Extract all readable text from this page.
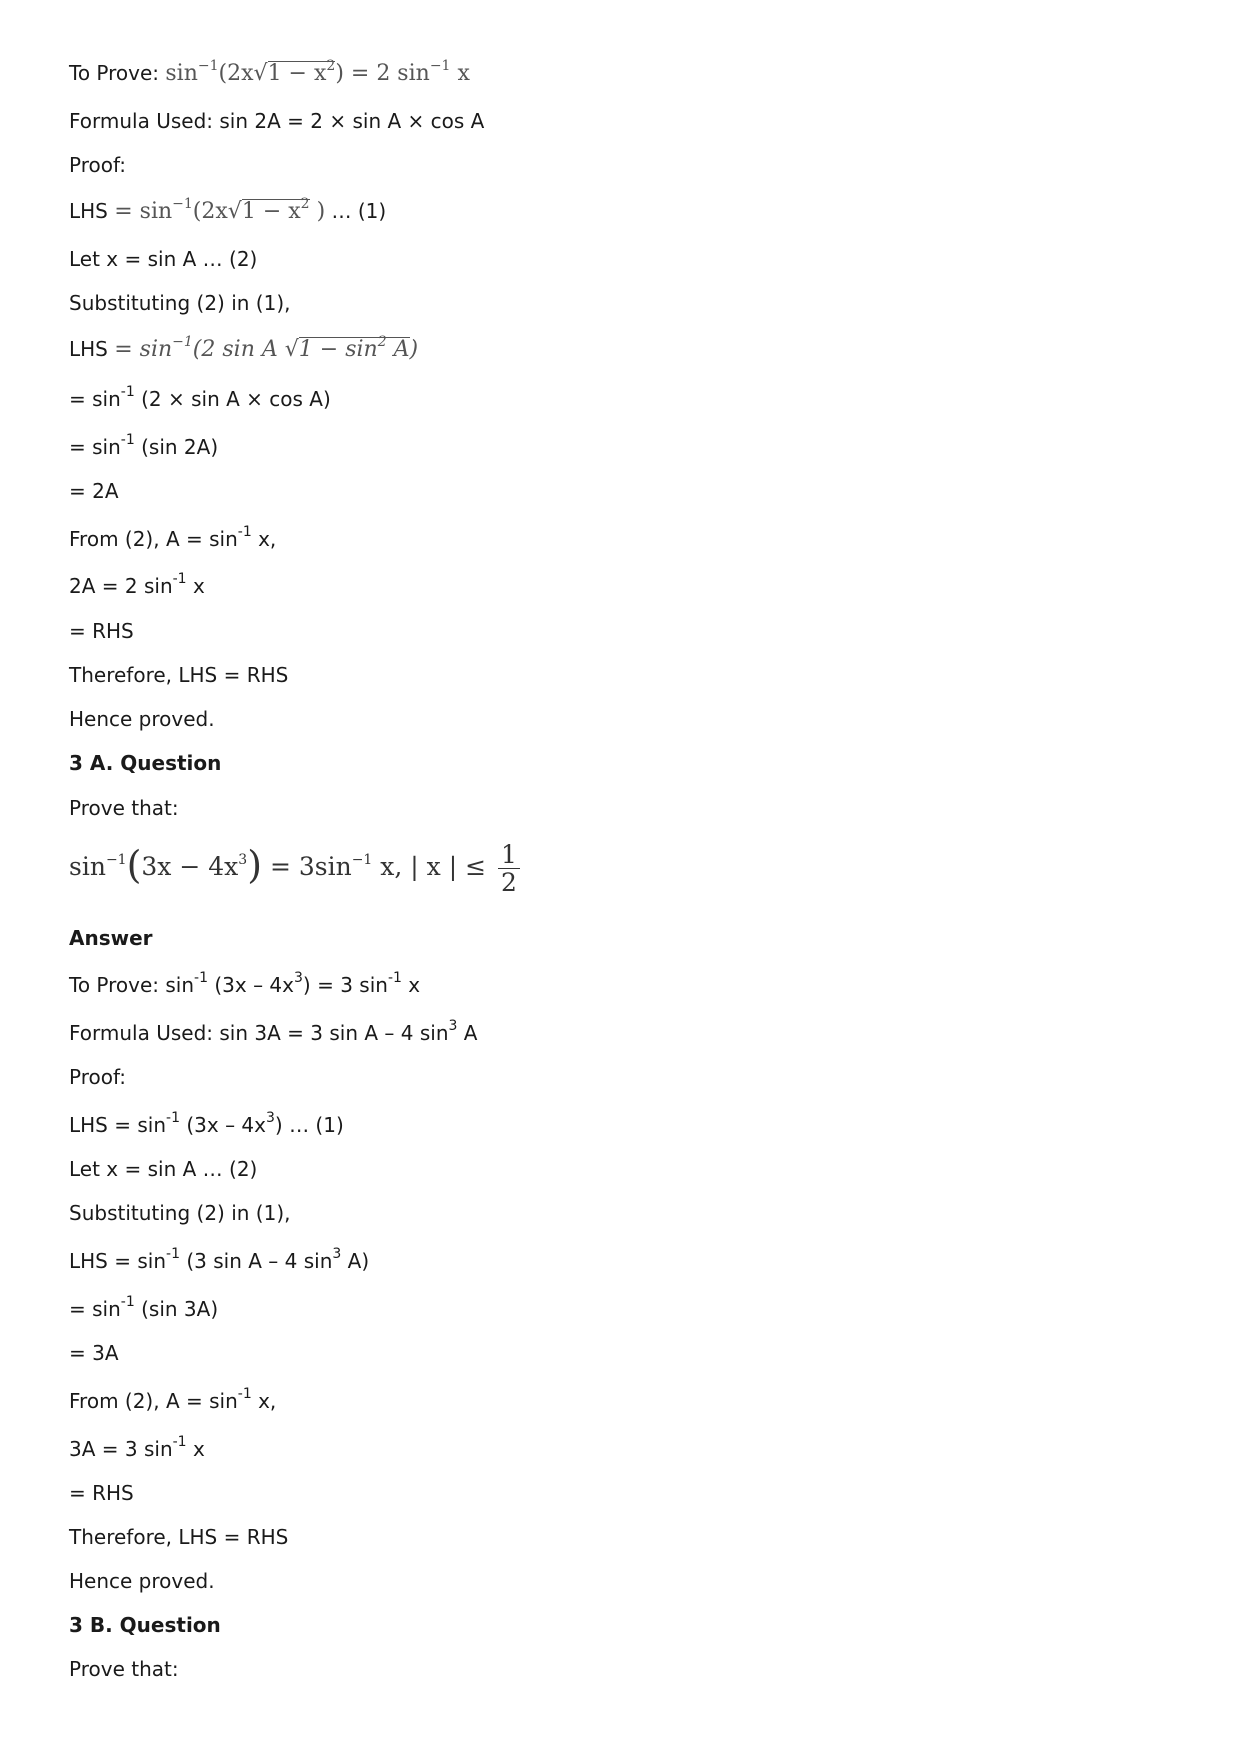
To Prove: $\sin^{-1}(2x√1 - x^2) = 2$ $\sin^{-1} x$
Formula Used: sin 2A = 2 × sin A × cos A
Proof:
LHS = $\sin^{-1}(2x√1 - x^2$ ) … (1)
Let x = sin A … (2)
Substituting (2) in (1),
LHS = $\sin^{-1}(2$ sin A $√1 - \sin^2 A$)
= $\sin^{-1} (2 \times \sin A \times \cos A)$
= $\sin^{-1} (\sin$ 2A)
= 2A
From (2), $A = \sin^{-1} x$,
2A = 2 $\sin^{-1} x$
= RHS
Therefore, LHS = RHS
Hence proved.
3 A. Question
Prove that:
$\sin^{-1}(3x - 4x^3) = 3\sin^{-1}$ x, | x | ≤ $\frac{1}{2}$
Answer
To Prove: $\sin^{-1} (3x - 4x^3) = 3$ $\sin^{-1} x$
Formula Used: sin 3A = 3 sin A – 4 $\sin^3 A$
Proof:
LHS = $\sin^{-1} (3x - 4x^3)$ … (1)
Let x = sin A … (2)
Substituting (2) in (1),
LHS = $\sin^{-1} (3$ sin A – 4 $\sin^3 A$)
= $\sin^{-1} (\sin$ 3A)
= 3A
From (2), $A = \sin^{-1} x$,
3A = 3 $\sin^{-1} x$
= RHS
Therefore, LHS = RHS
Hence proved.
3 B. Question
Prove that:
